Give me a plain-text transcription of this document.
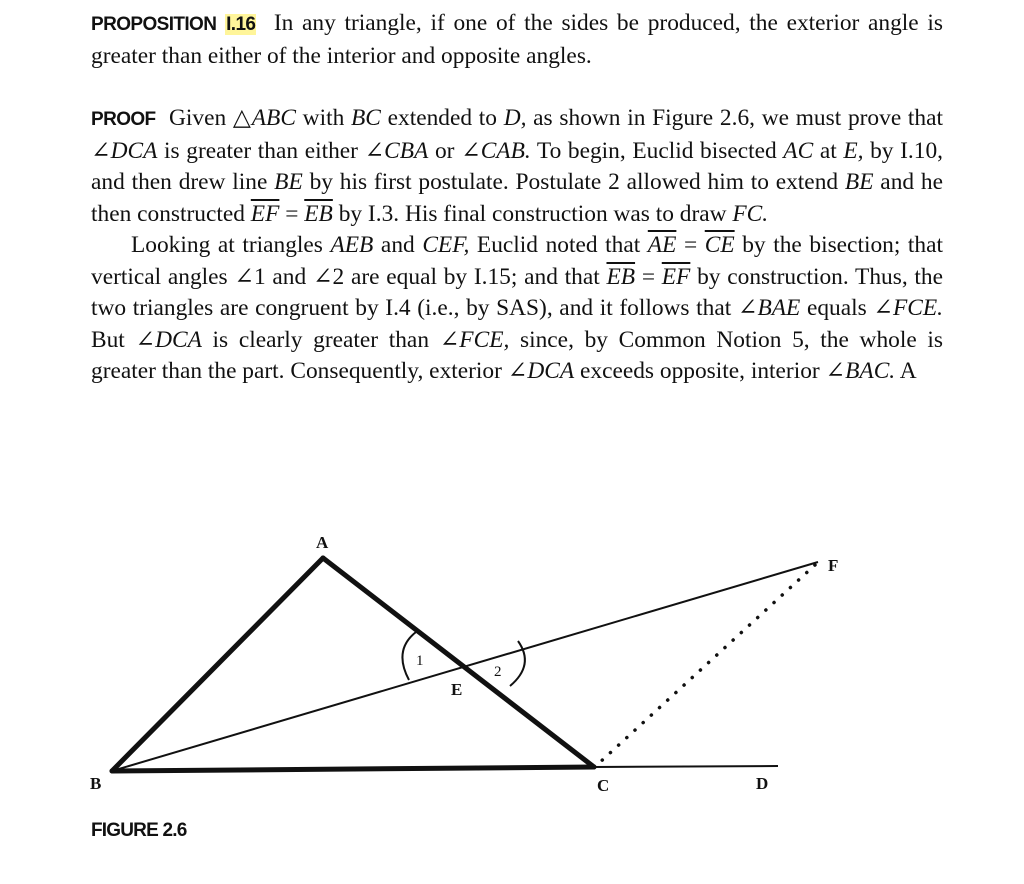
PROPOSITION I.16 In any triangle, if one of the sides be produced, the exterior angle is greater than either of the interior and opposite angles.

PROOF Given △ABC with BC extended to D, as shown in Figure 2.6, we must prove that ∠DCA is greater than either ∠CBA or ∠CAB. To begin, Euclid bisected AC at E, by I.10, and then drew line BE by his first postulate. Postulate 2 allowed him to extend BE and he then constructed $\overline{EF} = \overline{EB}$ by I.3. His final construction was to draw FC.

Looking at triangles AEB and CEF, Euclid noted that $\overline{AE} = \overline{CE}$ by the bisection; that vertical angles ∠1 and ∠2 are equal by I.15; and that $\overline{EB} = \overline{EF}$ by construction. Thus, the two triangles are congruent by I.4 (i.e., by SAS), and it follows that ∠BAE equals ∠FCE. But ∠DCA is clearly greater than ∠FCE, since, by Common Notion 5, the whole is greater than the part. Consequently, exterior ∠DCA exceeds opposite, interior ∠BAC. A

A
B	C	D
E
F
1
2
FIGURE 2.6
